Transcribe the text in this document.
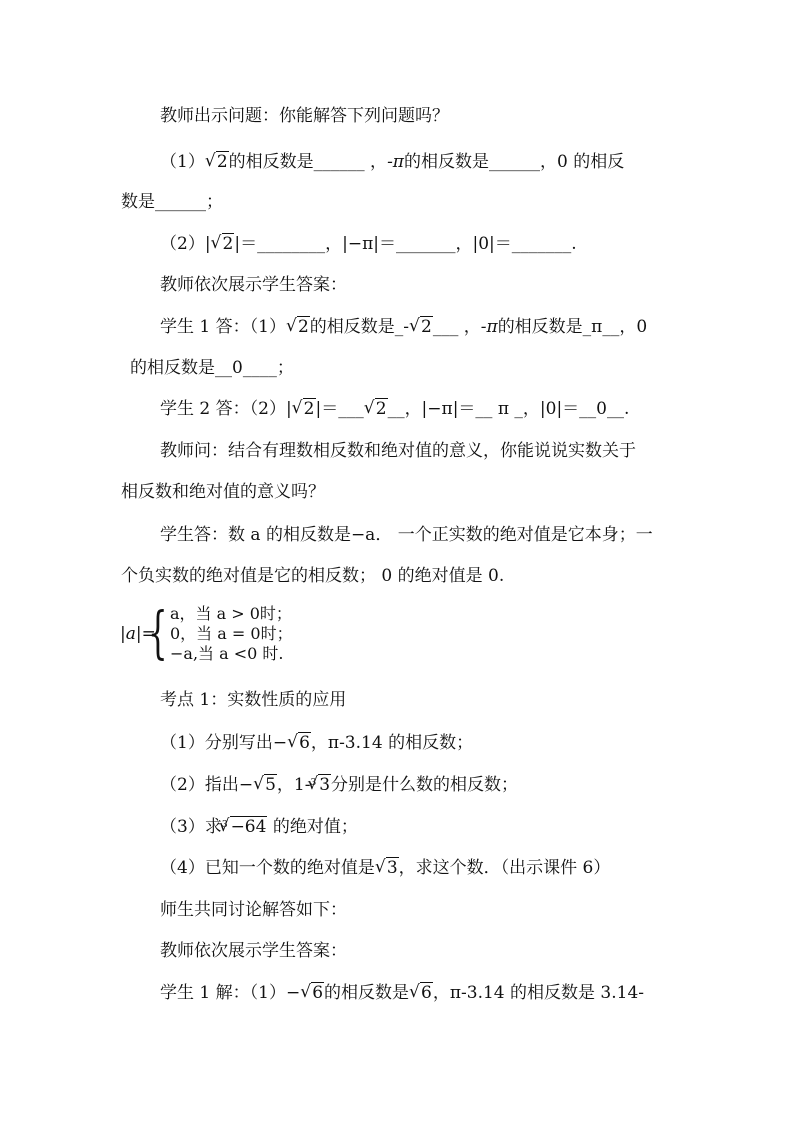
教师出示问题：你能解答下列问题吗？
（1） √ 2的相反数是______ ，-π的相反数是______，0 的相反
数是______；
（2）| √ 2|＝________，|−π|＝_______，|0|＝_______.
教师依次展示学生答案：
学生 1 答：（1） √ 2的相反数是_- √ 2___ ，-π的相反数是_π__，0
的相反数是__0____；
学生 2 答：（2）| √ 2|＝___ √ 2__，|−π|＝__ π _，|0|＝__0__.
教师问：结合有理数相反数和绝对值的意义，你能说说实数关于
相反数和绝对值的意义吗？
学生答：数 a 的相反数是−a． 一个正实数的绝对值是它本身；一
个负实数的绝对值是它的相反数； 0 的绝对值是 0.
|a|=
{ a，当 a > 0时；
0，当 a = 0时；
−a,当 a <0 时.
考点 1：实数性质的应用
（1）分别写出− √ 6，π-3.14 的相反数；
（2）指出− √ 5，1-$^3$ √ 3分别是什么数的相反数；
（3）求$^3$ √ −64 的绝对值；
（4）已知一个数的绝对值是 √ 3，求这个数．（出示课件 6）
师生共同讨论解答如下：
教师依次展示学生答案：
学生 1 解：（1）− √ 6的相反数是 √ 6，π-3.14 的相反数是 3.14-
